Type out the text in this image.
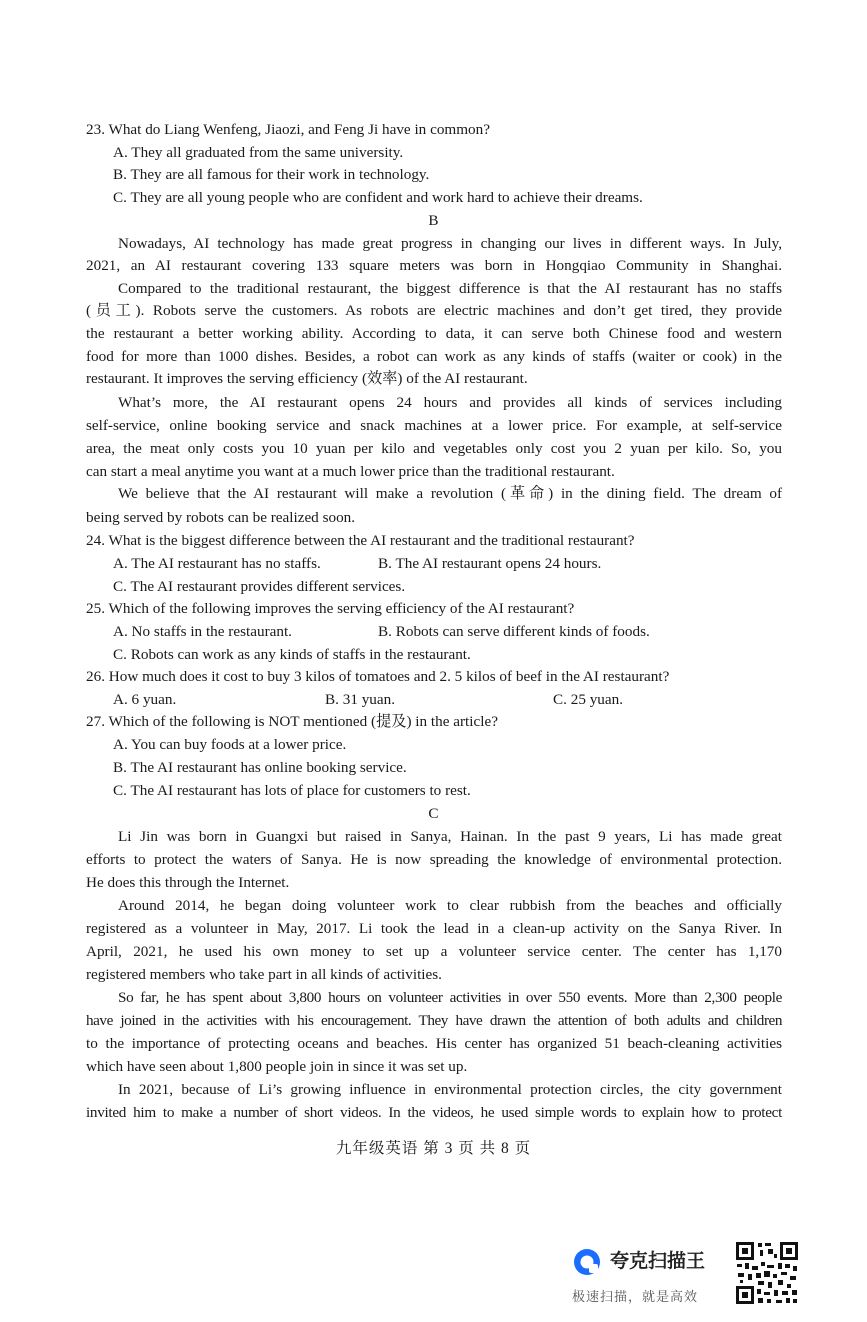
23. What do Liang Wenfeng, Jiaozi, and Feng Ji have in common?
A. They all graduated from the same university.
B. They are all famous for their work in technology.
C. They are all young people who are confident and work hard to achieve their dreams.
B
Nowadays, AI technology has made great progress in changing our lives in different ways. In July,
2021, an AI restaurant covering 133 square meters was born in Hongqiao Community in Shanghai.
Compared to the traditional restaurant, the biggest difference is that the AI restaurant has no staffs
(员工). Robots serve the customers. As robots are electric machines and don’t get tired, they provide
the restaurant a better working ability. According to data, it can serve both Chinese food and western
food for more than 1000 dishes. Besides, a robot can work as any kinds of staffs (waiter or cook) in the
restaurant. It improves the serving efficiency (效率) of the AI restaurant.
What’s more, the AI restaurant opens 24 hours and provides all kinds of services including
self-service, online booking service and snack machines at a lower price. For example, at self-service
area, the meat only costs you 10 yuan per kilo and vegetables only cost you 2 yuan per kilo. So, you
can start a meal anytime you want at a much lower price than the traditional restaurant.
We believe that the AI restaurant will make a revolution (革命) in the dining field. The dream of
being served by robots can be realized soon.
24. What is the biggest difference between the AI restaurant and the traditional restaurant?
A. The AI restaurant has no staffs.	B. The AI restaurant opens 24 hours.
C. The AI restaurant provides different services.
25. Which of the following improves the serving efficiency of the AI restaurant?
A. No staffs in the restaurant.	B. Robots can serve different kinds of foods.
C. Robots can work as any kinds of staffs in the restaurant.
26. How much does it cost to buy 3 kilos of tomatoes and 2. 5 kilos of beef in the AI restaurant?
A. 6 yuan.	B. 31 yuan.	C. 25 yuan.
27. Which of the following is NOT mentioned (提及) in the article?
A. You can buy foods at a lower price.
B. The AI restaurant has online booking service.
C. The AI restaurant has lots of place for customers to rest.
C
Li Jin was born in Guangxi but raised in Sanya, Hainan. In the past 9 years, Li has made great
efforts to protect the waters of Sanya. He is now spreading the knowledge of environmental protection.
He does this through the Internet.
Around 2014, he began doing volunteer work to clear rubbish from the beaches and officially
registered as a volunteer in May, 2017. Li took the lead in a clean-up activity on the Sanya River. In
April, 2021, he used his own money to set up a volunteer service center. The center has 1,170
registered members who take part in all kinds of activities.
So far, he has spent about 3,800 hours on volunteer activities in over 550 events. More than 2,300 people
have joined in the activities with his encouragement. They have drawn the attention of both adults and children
to the importance of protecting oceans and beaches. His center has organized 51 beach-cleaning activities
which have seen about 1,800 people join in since it was set up.
In 2021, because of Li’s growing influence in environmental protection circles, the city government
invited him to make a number of short videos. In the videos, he used simple words to explain how to protect
九年级英语 第 3 页 共 8 页
夸克扫描王
极速扫描，就是高效
